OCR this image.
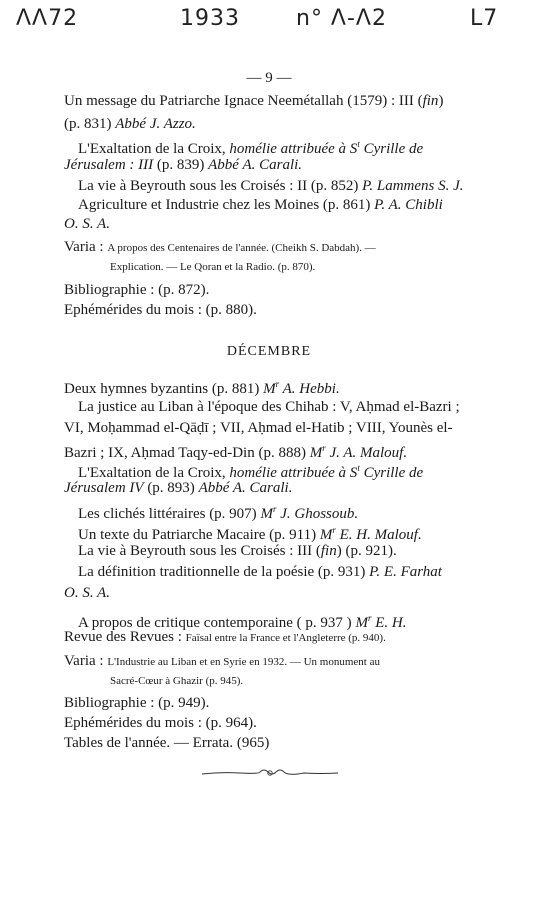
ΛΛ72	1933	n° Λ-Λ2	L7
— 9 —
DÉCEMBRE
Un message du Patriarche Ignace Neemétallah (1579) : III (fin)
(p. 831) Abbé J. Azzo.
L'Exaltation de la Croix, homélie attribuée à $S^t$ Cyrille de
Jérusalem : III (p. 839) Abbé A. Carali.
La vie à Beyrouth sous les Croisés : II (p. 852) P. Lammens S. J.
Agriculture et Industrie chez les Moines (p. 861) P. A. Chibli
O. S. A.
Varia : A propos des Centenaires de l'année. (Cheikh S. Dabdah). —
Explication. — Le Qoran et la Radio. (p. 870).
Bibliographie : (p. 872).
Ephémérides du mois : (p. 880).
Deux hymnes byzantins (p. 881) $M^r$ A. Hebbi.
La justice au Liban à l'époque des Chihab : V, Aḥmad el-Bazri ;
VI, Moḥammad el-Qāḍī ; VII, Aḥmad el-Hatib ; VIII, Younès el-
Bazri ; IX, Aḥmad Taqy-ed-Din (p. 888) $M^r$ J. A. Malouf.
L'Exaltation de la Croix, homélie attribuée à $S^t$ Cyrille de
Jérusalem IV (p. 893) Abbé A. Carali.
Les clichés littéraires (p. 907) $M^r$ J. Ghossoub.
Un texte du Patriarche Macaire (p. 911) $M^r$ E. H. Malouf.
La vie à Beyrouth sous les Croisés : III (fin) (p. 921).
La définition traditionnelle de la poésie (p. 931) P. E. Farhat
O. S. A.
A propos de critique contemporaine ( p. 937 ) $M^r$ E. H.
Revue des Revues : Faïsal entre la France et l'Angleterre (p. 940).
Varia : L'Industrie au Liban et en Syrie en 1932. — Un monument au
Sacré-Cœur à Ghazir (p. 945).
Bibliographie : (p. 949).
Ephémérides du mois : (p. 964).
Tables de l'année. — Errata. (965)
